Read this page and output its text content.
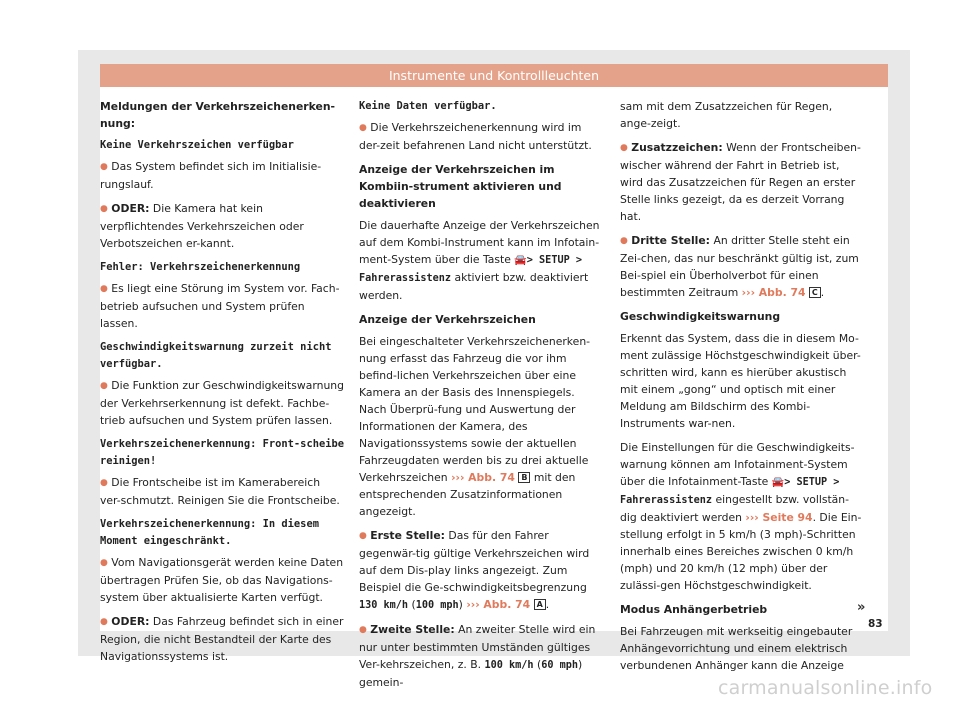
Instrumente und Kontrollleuchten

Meldungen der Verkehrszeichenerken-nung:

Keine Verkehrszeichen verfügbar

● Das System befindet sich im Initialisie-rungslauf.

● ODER: Die Kamera hat kein verpflichtendes Verkehrszeichen oder Verbotszeichen er-kannt.

Fehler: Verkehrszeichenerkennung

● Es liegt eine Störung im System vor. Fach-betrieb aufsuchen und System prüfen lassen.

Geschwindigkeitswarnung zurzeit nicht verfügbar.

● Die Funktion zur Geschwindigkeitswarnung der Verkehrserkennung ist defekt. Fachbe-trieb aufsuchen und System prüfen lassen.

Verkehrszeichenerkennung: Front-scheibe reinigen!

● Die Frontscheibe ist im Kamerabereich ver-schmutzt. Reinigen Sie die Frontscheibe.

Verkehrszeichenerkennung: In diesem Moment eingeschränkt.

● Vom Navigationsgerät werden keine Daten übertragen Prüfen Sie, ob das Navigations-system über aktualisierte Karten verfügt.

● ODER: Das Fahrzeug befindet sich in einer Region, die nicht Bestandteil der Karte des Navigationssystems ist.

Keine Daten verfügbar.

● Die Verkehrszeichenerkennung wird im der-zeit befahrenen Land nicht unterstützt.

Anzeige der Verkehrszeichen im Kombiin-strument aktivieren und deaktivieren

Die dauerhafte Anzeige der Verkehrszeichen auf dem Kombi-Instrument kann im Infotain-ment-System über die Taste 🚘> SETUP > Fahrerassistenz aktiviert bzw. deaktiviert werden.

Anzeige der Verkehrszeichen

Bei eingeschalteter Verkehrszeichenerken-nung erfasst das Fahrzeug die vor ihm befind-lichen Verkehrszeichen über eine Kamera an der Basis des Innenspiegels. Nach Überprü-fung und Auswertung der Informationen der Kamera, des Navigationssystems sowie der aktuellen Fahrzeugdaten werden bis zu drei aktuelle Verkehrszeichen ››› Abb. 74 B mit den entsprechenden Zusatzinformationen angezeigt.

● Erste Stelle: Das für den Fahrer gegenwär-tig gültige Verkehrszeichen wird auf dem Dis-play links angezeigt. Zum Beispiel die Ge-schwindigkeitsbegrenzung 130 km/h (100 mph) ››› Abb. 74 A .

● Zweite Stelle: An zweiter Stelle wird ein nur unter bestimmten Umständen gültiges Ver-kehrszeichen, z. B. 100 km/h (60 mph) gemein-

sam mit dem Zusatzzeichen für Regen, ange-zeigt.

● Zusatzzeichen: Wenn der Frontscheiben-wischer während der Fahrt in Betrieb ist, wird das Zusatzzeichen für Regen an erster Stelle links gezeigt, da es derzeit Vorrang hat.

● Dritte Stelle: An dritter Stelle steht ein Zei-chen, das nur beschränkt gültig ist, zum Bei-spiel ein Überholverbot für einen bestimmten Zeitraum ››› Abb. 74 C .

Geschwindigkeitswarnung

Erkennt das System, dass die in diesem Mo-ment zulässige Höchstgeschwindigkeit über-schritten wird, kann es hierüber akustisch mit einem „gong“ und optisch mit einer Meldung am Bildschirm des Kombi-Instruments war-nen.

Die Einstellungen für die Geschwindigkeits-warnung können am Infotainment-System über die Infotainment-Taste 🚘> SETUP > Fahrerassistenz eingestellt bzw. vollstän-dig deaktiviert werden ››› Seite 94. Die Ein-stellung erfolgt in 5 km/h (3 mph)-Schritten innerhalb eines Bereiches zwischen 0 km/h (mph) und 20 km/h (12 mph) über der zulässi-gen Höchstgeschwindigkeit.

Modus Anhängerbetrieb

Bei Fahrzeugen mit werkseitig eingebauter Anhängevorrichtung und einem elektrisch verbundenen Anhänger kann die Anzeige

»
83
carmanualsonline.info
